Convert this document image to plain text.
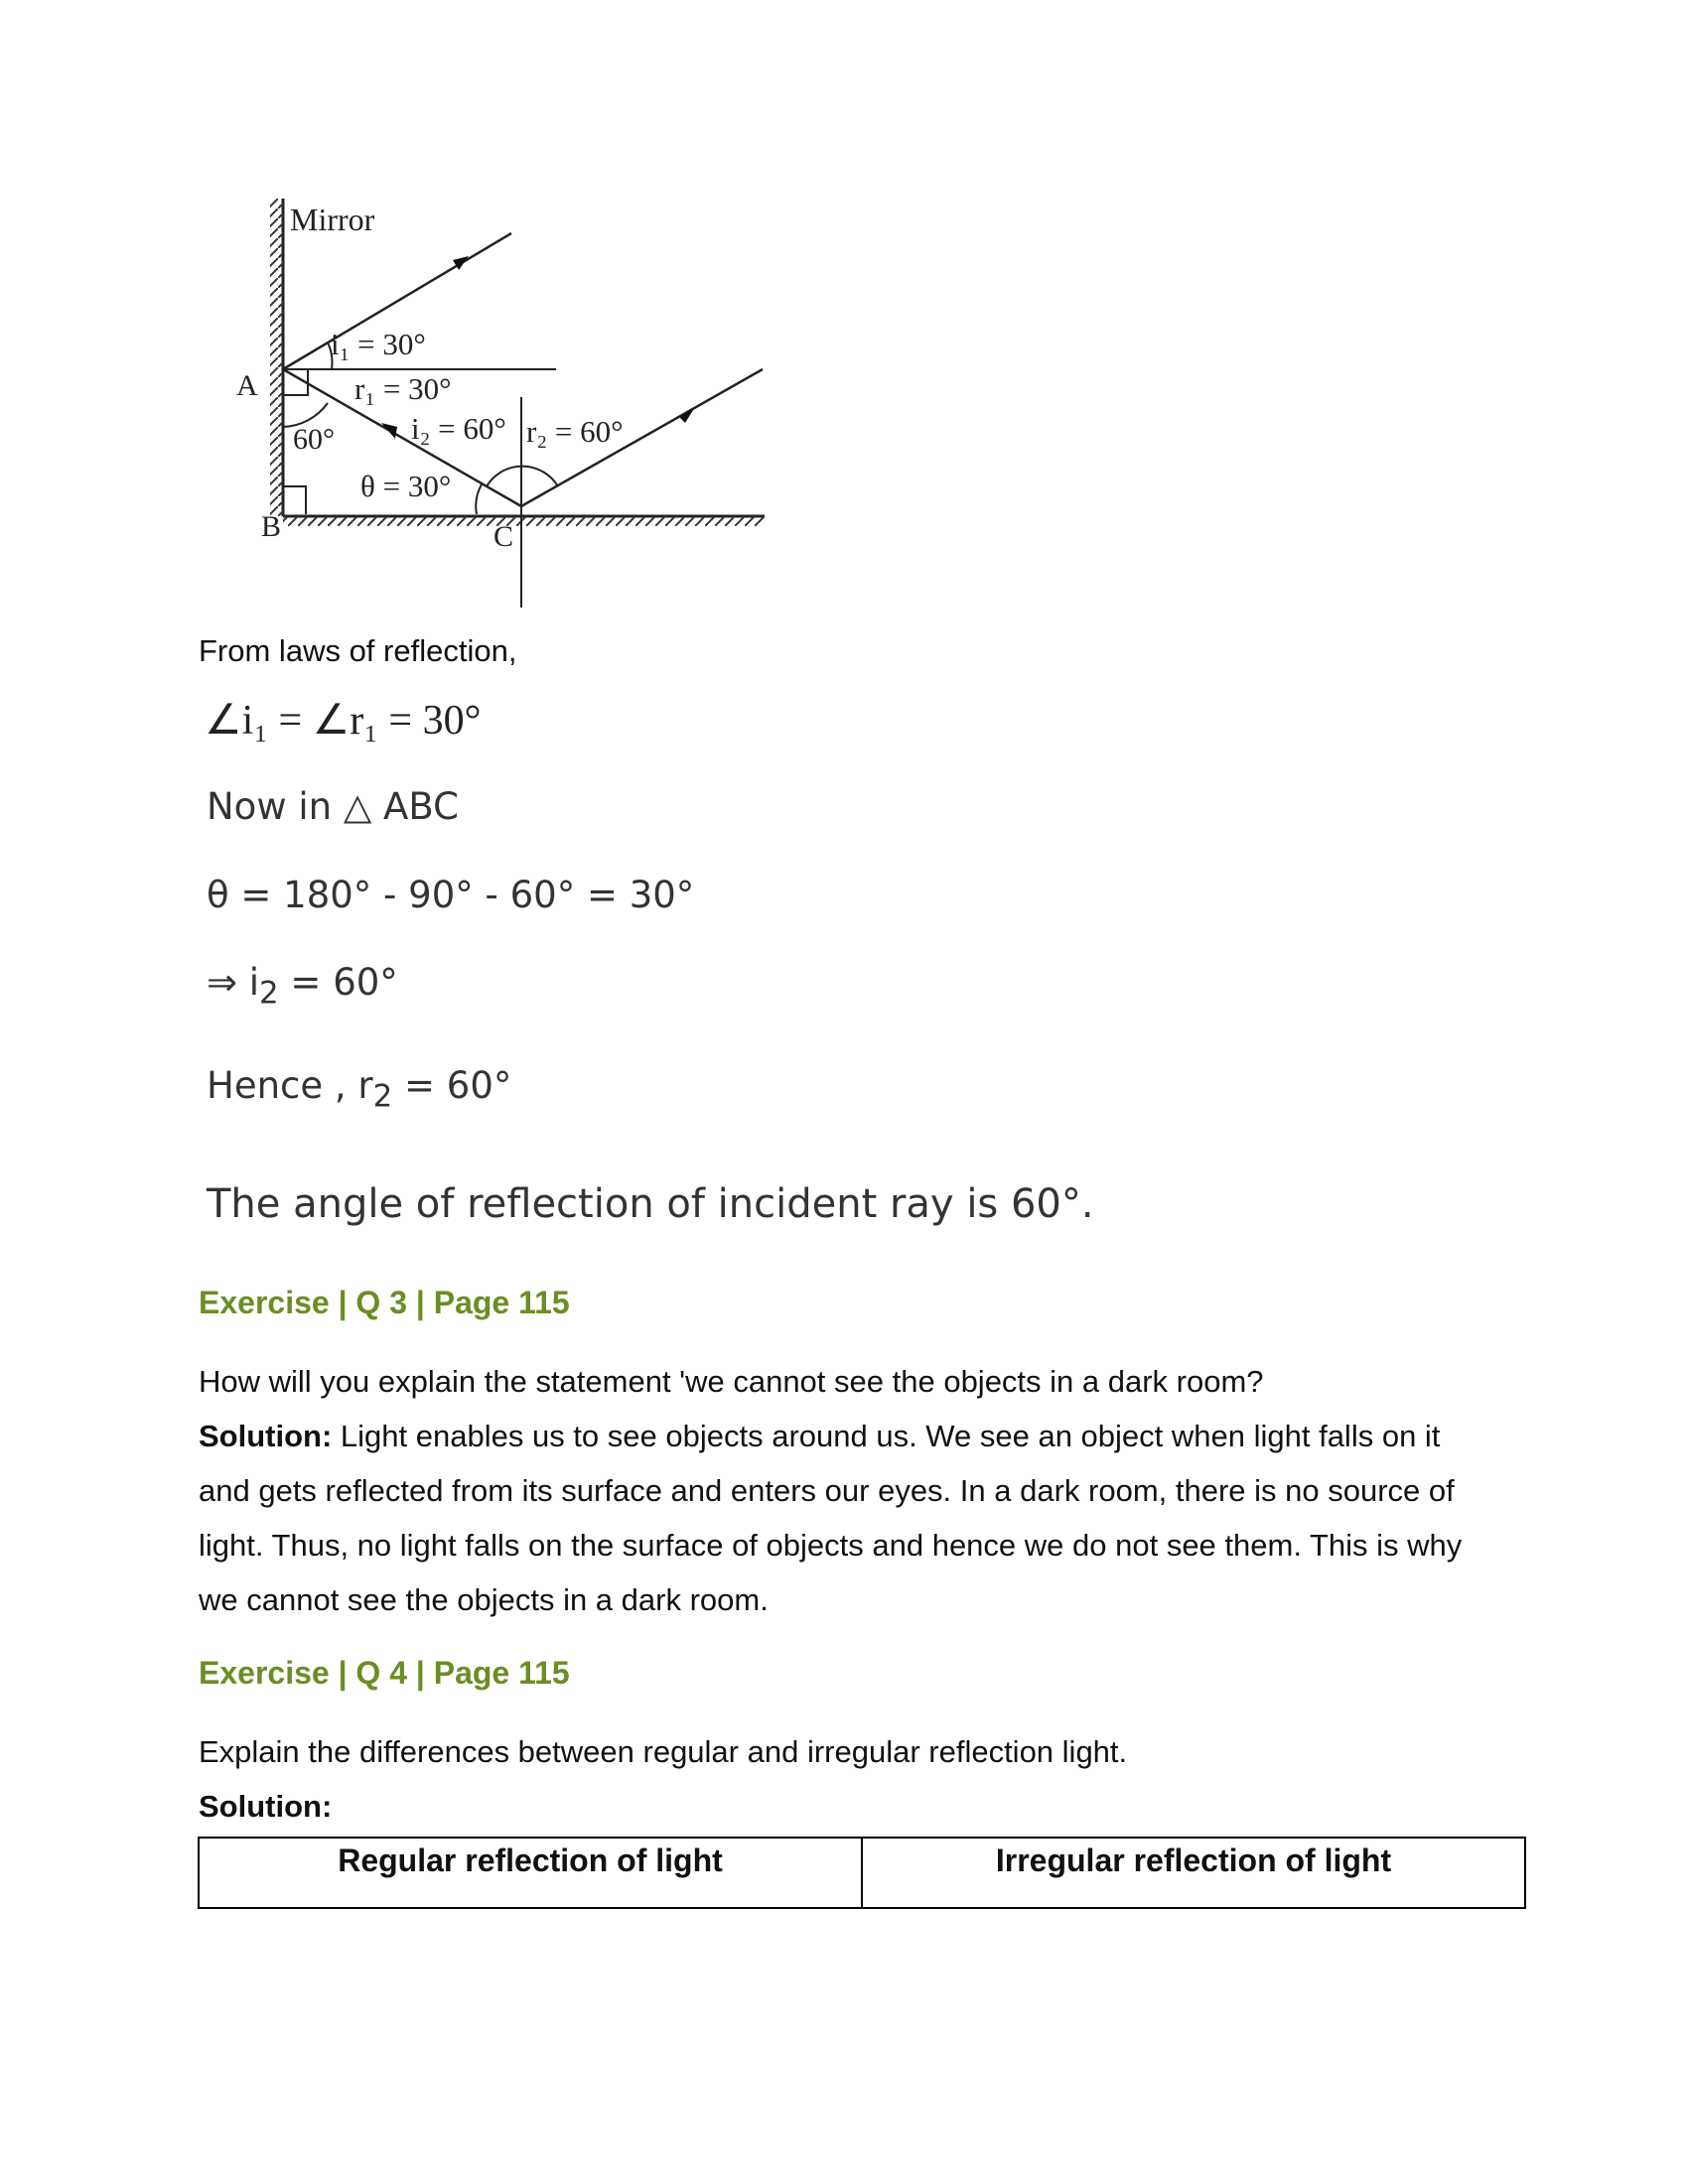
Mirror
A
B	C
60°
i₁ = 30°
r₁ = 30°
i₂ = 60° r₂ = 60°
θ = 30°
From laws of reflection,
∠i₁ = ∠r₁ = 30°
Now in △ ABC
θ = 180° - 90° - 60° = 30°
⇒ $i_2 = 60^\circ$
Hence , $r_2 = 60^\circ$
The angle of reflection of incident ray is 60°.
Exercise | Q 3 | Page 115

How will you explain the statement 'we cannot see the objects in a dark room?

Solution: Light enables us to see objects around us. We see an object when light falls on it and gets reflected from its surface and enters our eyes. In a dark room, there is no source of light. Thus, no light falls on the surface of objects and hence we do not see them. This is why we cannot see the objects in a dark room.

Exercise | Q 4 | Page 115

Explain the differences between regular and irregular reflection light.

Solution:

Regular reflection of light	Irregular reflection of light
